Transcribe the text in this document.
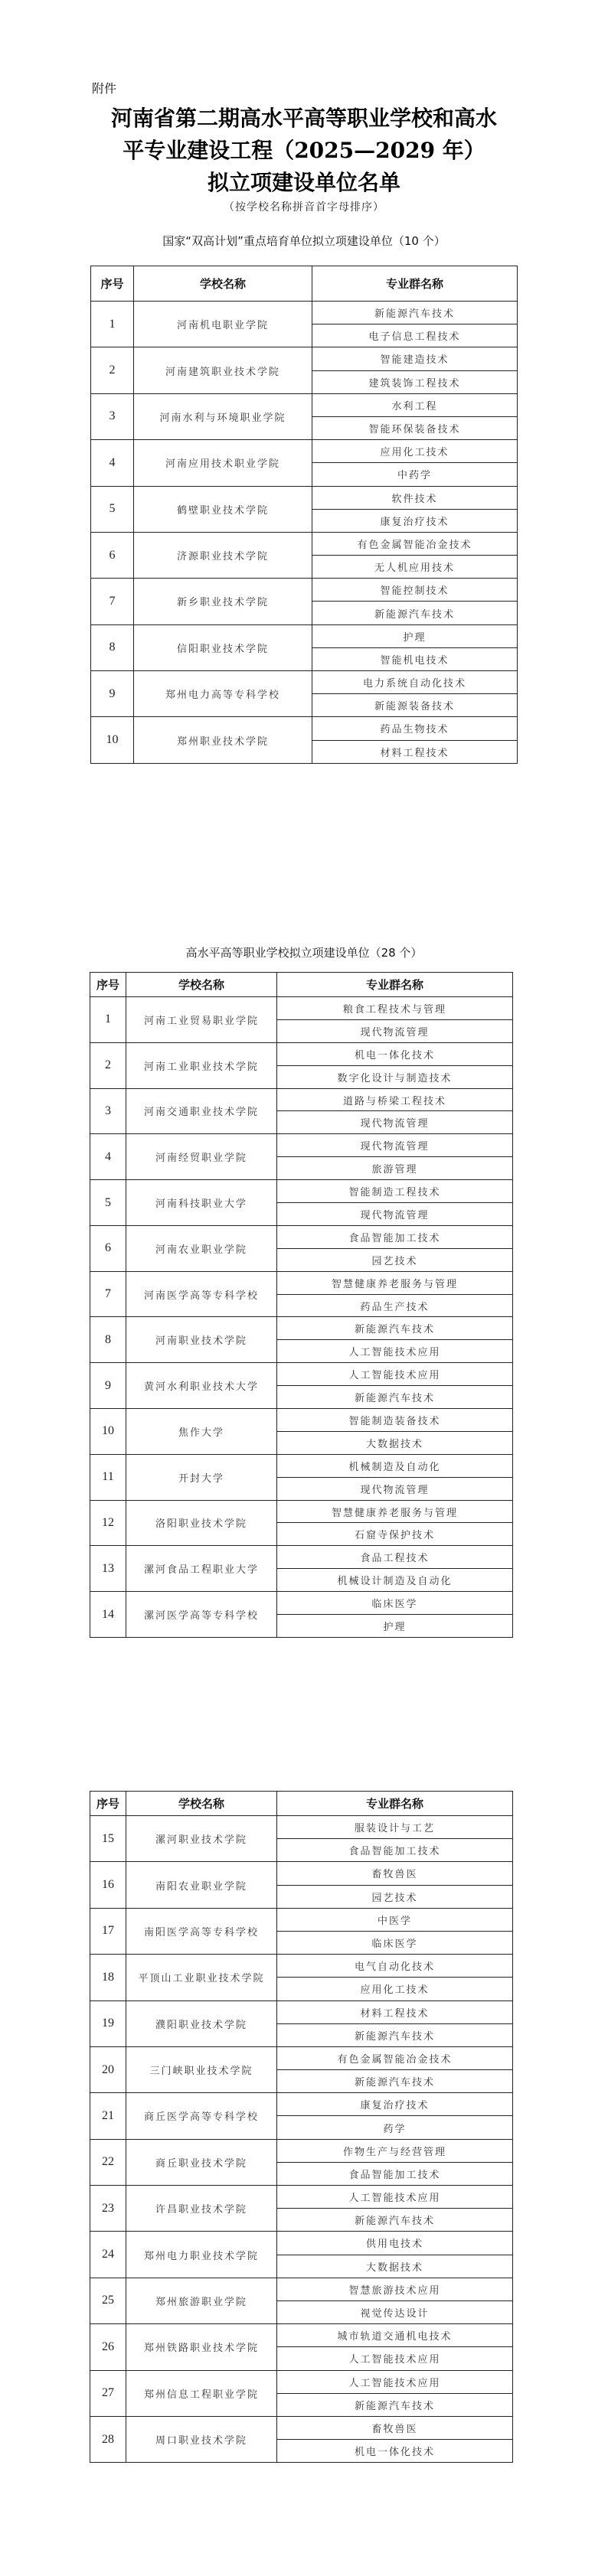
附件
河南省第二期高水平高等职业学校和高水
平专业建设工程（2025—2029 年）
拟立项建设单位名单
（按学校名称拼音首字母排序）
国家“双高计划”重点培育单位拟立项建设单位（10 个）
序号	学校名称	专业群名称
1	河南机电职业学院	新能源汽车技术
		电子信息工程技术
2	河南建筑职业技术学院	智能建造技术
		建筑装饰工程技术
3	河南水利与环境职业学院	水利工程
		智能环保装备技术
4	河南应用技术职业学院	应用化工技术
		中药学
5	鹤壁职业技术学院	软件技术
		康复治疗技术
6	济源职业技术学院	有色金属智能冶金技术
		无人机应用技术
7	新乡职业技术学院	智能控制技术
		新能源汽车技术
8	信阳职业技术学院	护理
		智能机电技术
9	郑州电力高等专科学校	电力系统自动化技术
		新能源装备技术
10	郑州职业技术学院	药品生物技术
		材料工程技术
高水平高等职业学校拟立项建设单位（28 个）
序号	学校名称	专业群名称
1	河南工业贸易职业学院	粮食工程技术与管理
		现代物流管理
2	河南工业职业技术学院	机电一体化技术
		数字化设计与制造技术
3	河南交通职业技术学院	道路与桥梁工程技术
		现代物流管理
4	河南经贸职业学院	现代物流管理
		旅游管理
5	河南科技职业大学	智能制造工程技术
		现代物流管理
6	河南农业职业学院	食品智能加工技术
		园艺技术
7	河南医学高等专科学校	智慧健康养老服务与管理
		药品生产技术
8	河南职业技术学院	新能源汽车技术
		人工智能技术应用
9	黄河水利职业技术大学	人工智能技术应用
		新能源汽车技术
10	焦作大学	智能制造装备技术
		大数据技术
11	开封大学	机械制造及自动化
		现代物流管理
12	洛阳职业技术学院	智慧健康养老服务与管理
		石窟寺保护技术
13	漯河食品工程职业大学	食品工程技术
		机械设计制造及自动化
14	漯河医学高等专科学校	临床医学
		护理
序号	学校名称	专业群名称
15	漯河职业技术学院	服装设计与工艺
		食品智能加工技术
16	南阳农业职业学院	畜牧兽医
		园艺技术
17	南阳医学高等专科学校	中医学
		临床医学
18	平顶山工业职业技术学院	电气自动化技术
		应用化工技术
19	濮阳职业技术学院	材料工程技术
		新能源汽车技术
20	三门峡职业技术学院	有色金属智能冶金技术
		新能源汽车技术
21	商丘医学高等专科学校	康复治疗技术
		药学
22	商丘职业技术学院	作物生产与经营管理
		食品智能加工技术
23	许昌职业技术学院	人工智能技术应用
		新能源汽车技术
24	郑州电力职业技术学院	供用电技术
		大数据技术
25	郑州旅游职业学院	智慧旅游技术应用
		视觉传达设计
26	郑州铁路职业技术学院	城市轨道交通机电技术
		人工智能技术应用
27	郑州信息工程职业学院	人工智能技术应用
		新能源汽车技术
28	周口职业技术学院	畜牧兽医
		机电一体化技术
